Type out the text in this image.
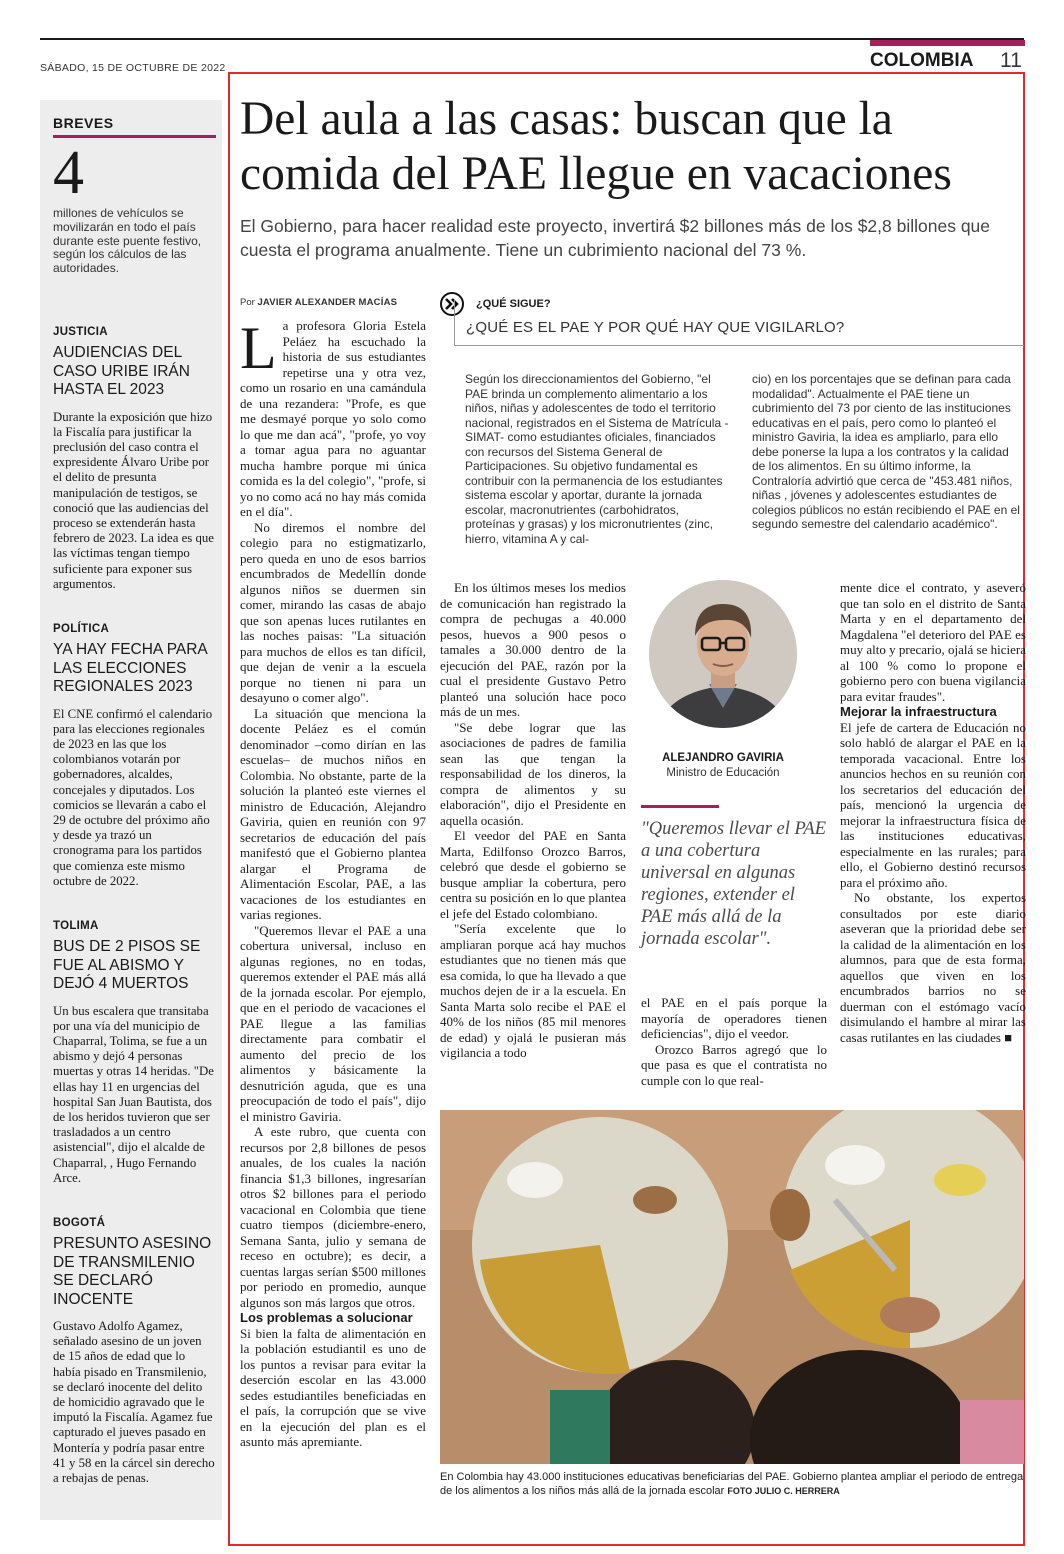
SÁBADO, 15 DE OCTUBRE DE 2022	COLOMBIA 11
BREVES
4
millones de vehículos se movilizarán en todo el país durante este puente festivo, según los cálculos de las autoridades.
JUSTICIA
AUDIENCIAS DEL CASO URIBE IRÁN HASTA EL 2023
Durante la exposición que hizo la Fiscalía para justificar la preclusión del caso contra el expresidente Álvaro Uribe por el delito de presunta manipulación de testigos, se conoció que las audiencias del proceso se extenderán hasta febrero de 2023. La idea es que las víctimas tengan tiempo suficiente para exponer sus argumentos.
POLÍTICA
YA HAY FECHA PARA LAS ELECCIONES REGIONALES 2023
El CNE confirmó el calendario para las elecciones regionales de 2023 en las que los colombianos votarán por gobernadores, alcaldes, concejales y diputados. Los comicios se llevarán a cabo el 29 de octubre del próximo año y desde ya trazó un cronograma para los partidos que comienza este mismo octubre de 2022.
TOLIMA
BUS DE 2 PISOS SE FUE AL ABISMO Y DEJÓ 4 MUERTOS
Un bus escalera que transitaba por una vía del municipio de Chaparral, Tolima, se fue a un abismo y dejó 4 personas muertas y otras 14 heridas. "De ellas hay 11 en urgencias del hospital San Juan Bautista, dos de los heridos tuvieron que ser trasladados a un centro asistencial", dijo el alcalde de Chaparral, , Hugo Fernando Arce.
BOGOTÁ
PRESUNTO ASESINO DE TRANSMILENIO SE DECLARÓ INOCENTE
Gustavo Adolfo Agamez, señalado asesino de un joven de 15 años de edad que lo había pisado en Transmilenio, se declaró inocente del delito de homicidio agravado que le imputó la Fiscalía. Agamez fue capturado el jueves pasado en Montería y podría pasar entre 41 y 58 en la cárcel sin derecho a rebajas de penas.
Del aula a las casas: buscan que la comida del PAE llegue en vacaciones
El Gobierno, para hacer realidad este proyecto, invertirá $2 billones más de los $2,8 billones que cuesta el programa anualmente. Tiene un cubrimiento nacional del 73 %.
Por JAVIER ALEXANDER MACÍAS

La profesora Gloria Estela Peláez ha escuchado la historia de sus estudiantes repetirse una y otra vez, como un rosario en una camándula de una rezandera: "Profe, es que me desmayé porque yo solo como lo que me dan acá", "profe, yo voy a tomar agua para no aguantar mucha hambre porque mi única comida es la del colegio", "profe, si yo no como acá no hay más comida en el día".

No diremos el nombre del colegio para no estigmatizarlo, pero queda en uno de esos barrios encumbrados de Medellín donde algunos niños se duermen sin comer, mirando las casas de abajo que son apenas luces rutilantes en las noches paisas: "La situación para muchos de ellos es tan difícil, que dejan de venir a la escuela porque no tienen ni para un desayuno o comer algo".

La situación que menciona la docente Peláez es el común denominador –como dirían en las escuelas– de muchos niños en Colombia. No obstante, parte de la solución la planteó este viernes el ministro de Educación, Alejandro Gaviria, quien en reunión con 97 secretarios de educación del país manifestó que el Gobierno plantea alargar el Programa de Alimentación Escolar, PAE, a las vacaciones de los estudiantes en varias regiones.

"Queremos llevar el PAE a una cobertura universal, incluso en algunas regiones, no en todas, queremos extender el PAE más allá de la jornada escolar. Por ejemplo, que en el periodo de vacaciones el PAE llegue a las familias directamente para combatir el aumento del precio de los alimentos y básicamente la desnutrición aguda, que es una preocupación de todo el país", dijo el ministro Gaviria.

A este rubro, que cuenta con recursos por 2,8 billones de pesos anuales, de los cuales la nación financia $1,3 billones, ingresarían otros $2 billones para el periodo vacacional en Colombia que tiene cuatro tiempos (diciembre-enero, Semana Santa, julio y semana de receso en octubre); es decir, a cuentas largas serían $500 millones por periodo en promedio, aunque algunos son más largos que otros.

Los problemas a solucionar

Si bien la falta de alimentación en la población estudiantil es uno de los puntos a revisar para evitar la deserción escolar en las 43.000 sedes estudiantiles beneficiadas en el país, la corrupción que se vive en la ejecución del plan es el asunto más apremiante.

¿QUÉ SIGUE?
¿QUÉ ES EL PAE Y POR QUÉ HAY QUE VIGILARLO?
Según los direccionamientos del Gobierno, "el PAE brinda un complemento alimentario a los niños, niñas y adolescentes de todo el territorio nacional, registrados en el Sistema de Matrícula -SIMAT- como estudiantes oficiales, financiados con recursos del Sistema General de Participaciones. Su objetivo fundamental es contribuir con la permanencia de los estudiantes sistema escolar y aportar, durante la jornada escolar, macronutrientes (carbohidratos, proteínas y grasas) y los micronutrientes (zinc, hierro, vitamina A y cal-
cio) en los porcentajes que se definan para cada modalidad". Actualmente el PAE tiene un cubrimiento del 73 por ciento de las instituciones educativas en el país, pero como lo planteó el ministro Gaviria, la idea es ampliarlo, para ello debe ponerse la lupa a los contratos y la calidad de los alimentos. En su último informe, la Contraloría advirtió que cerca de "453.481 niños, niñas , jóvenes y adolescentes estudiantes de colegios públicos no están recibiendo el PAE en el segundo semestre del calendario académico".

En los últimos meses los medios de comunicación han registrado la compra de pechugas a 40.000 pesos, huevos a 900 pesos o tamales a 30.000 dentro de la ejecución del PAE, razón por la cual el presidente Gustavo Petro planteó una solución hace poco más de un mes.

"Se debe lograr que las asociaciones de padres de familia sean las que tengan la responsabilidad de los dineros, la compra de alimentos y su elaboración", dijo el Presidente en aquella ocasión.

El veedor del PAE en Santa Marta, Edilfonso Orozco Barros, celebró que desde el gobierno se busque ampliar la cobertura, pero centra su posición en lo que plantea el jefe del Estado colombiano.

"Sería excelente que lo ampliaran porque acá hay muchos estudiantes que no tienen más que esa comida, lo que ha llevado a que muchos dejen de ir a la escuela. En Santa Marta solo recibe el PAE el 40% de los niños (85 mil menores de edad) y ojalá le pusieran más vigilancia a todo

ALEJANDRO GAVIRIA
Ministro de Educación
"Queremos llevar el PAE a una cobertura universal en algunas regiones, extender el PAE más allá de la jornada escolar".

el PAE en el país porque la mayoría de operadores tienen deficiencias", dijo el veedor.

Orozco Barros agregó que lo que pasa es que el contratista no cumple con lo que real-

mente dice el contrato, y aseveró que tan solo en el distrito de Santa Marta y en el departamento del Magdalena "el deterioro del PAE es muy alto y precario, ojalá se hiciera al 100 % como lo propone el gobierno pero con buena vigilancia para evitar fraudes".

Mejorar la infraestructura

El jefe de cartera de Educación no solo habló de alargar el PAE en la temporada vacacional. Entre los anuncios hechos en su reunión con los secretarios del educación del país, mencionó la urgencia de mejorar la infraestructura física de las instituciones educativas, especialmente en las rurales; para ello, el Gobierno destinó recursos para el próximo año.

No obstante, los expertos consultados por este diario aseveran que la prioridad debe ser la calidad de la alimentación en los alumnos, para que de esta forma, aquellos que viven en los encumbrados barrios no se duerman con el estómago vacío disimulando el hambre al mirar las casas rutilantes en las ciudades ■

En Colombia hay 43.000 instituciones educativas beneficiarias del PAE. Gobierno plantea ampliar el periodo de entrega de los alimentos a los niños más allá de la jornada escolar FOTO JULIO C. HERRERA
